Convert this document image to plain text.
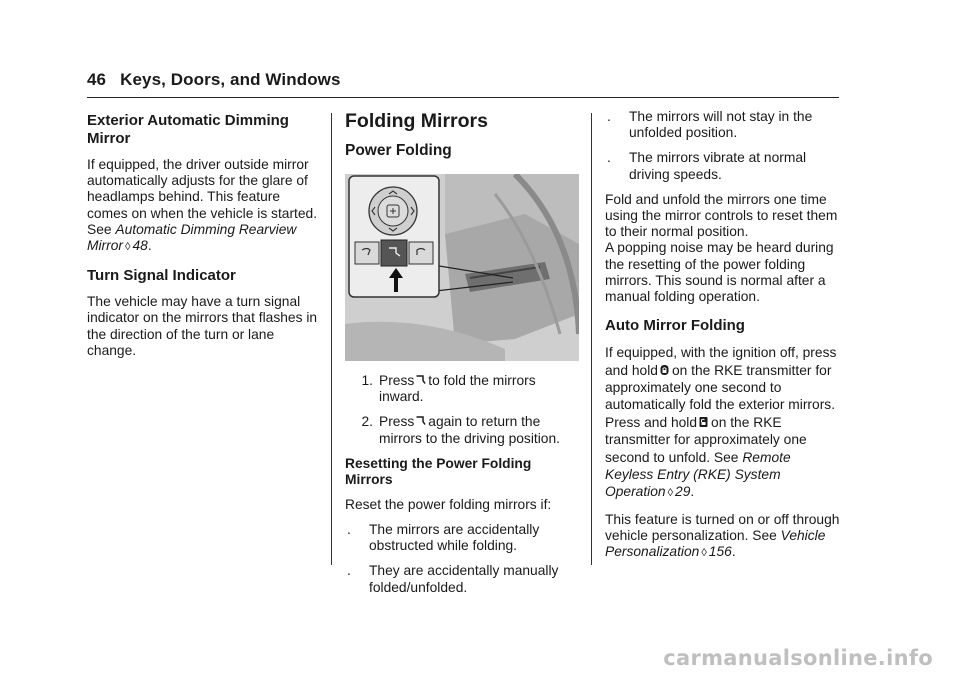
46 Keys, Doors, and Windows
Exterior Automatic Dimming Mirror

If equipped, the driver outside mirror automatically adjusts for the glare of headlamps behind. This feature comes on when the vehicle is started. See Automatic Dimming Rearview Mirror ◊ 48.

Turn Signal Indicator

The vehicle may have a turn signal indicator on the mirrors that flashes in the direction of the turn or lane change.

Folding Mirrors
Power Folding
1. Press to fold the mirrors inward.
2. Press again to return the mirrors to the driving position.
Resetting the Power Folding Mirrors

Reset the power folding mirrors if:

.	The mirrors are accidentally obstructed while folding.
.	They are accidentally manually folded/unfolded.
.	The mirrors will not stay in the unfolded position.
.	The mirrors vibrate at normal driving speeds.

Fold and unfold the mirrors one time using the mirror controls to reset them to their normal position.

A popping noise may be heard during the resetting of the power folding mirrors. This sound is normal after a manual folding operation.

Auto Mirror Folding

If equipped, with the ignition off, press and hold on the RKE transmitter for approximately one second to automatically fold the exterior mirrors. Press and hold on the RKE transmitter for approximately one second to unfold. See Remote Keyless Entry (RKE) System Operation ◊ 29.

This feature is turned on or off through vehicle personalization. See Vehicle Personalization ◊ 156.

carmanualsonline.info
